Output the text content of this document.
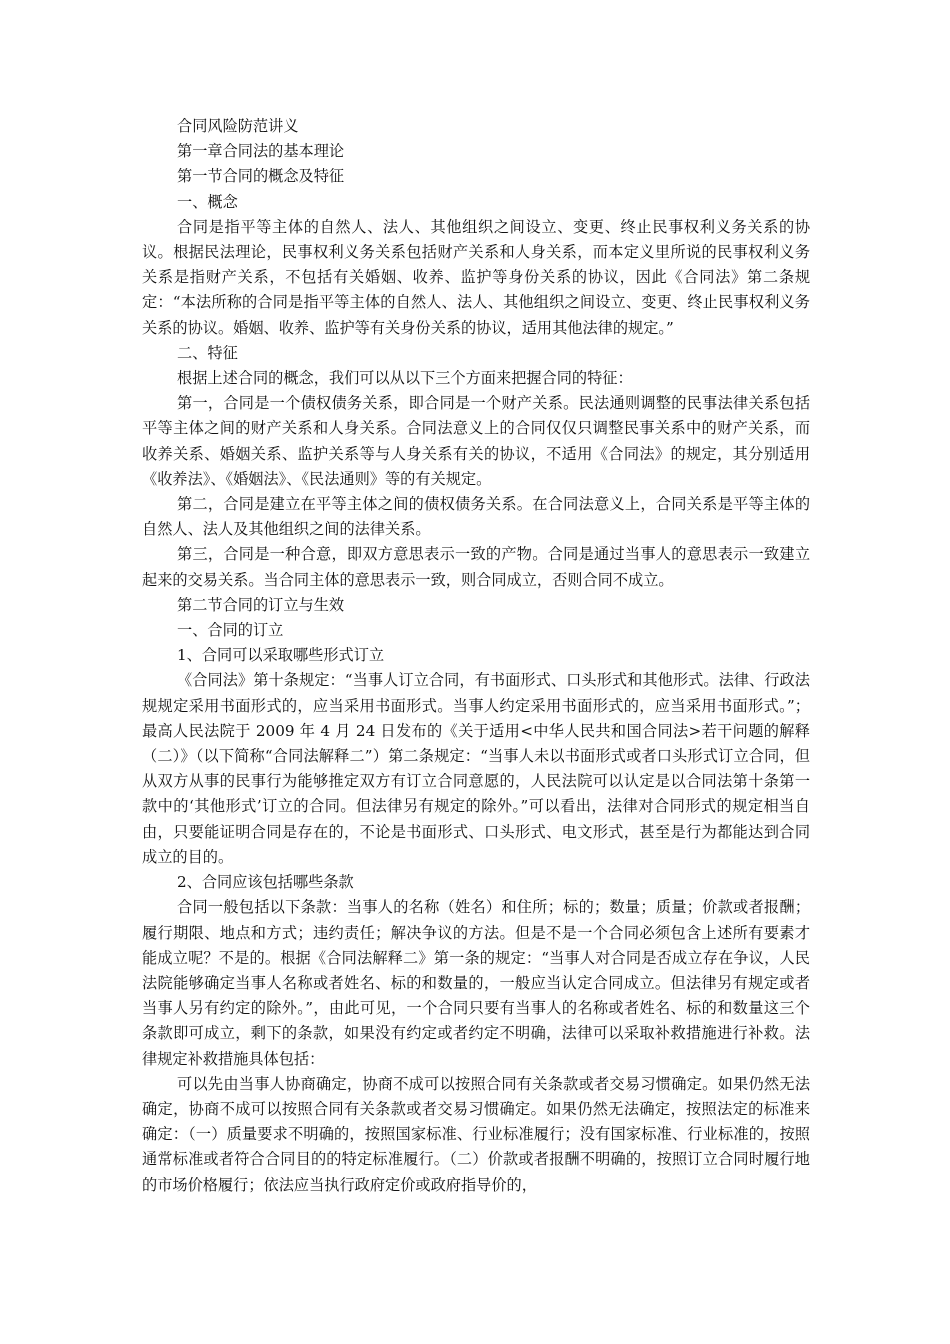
合同风险防范讲义

第一章合同法的基本理论

第一节合同的概念及特征

一、概念

合同是指平等主体的自然人、法人、其他组织之间设立、变更、终止民事权利义务关系的协议。根据民法理论，民事权利义务关系包括财产关系和人身关系，而本定义里所说的民事权利义务关系是指财产关系，不包括有关婚姻、收养、监护等身份关系的协议，因此《合同法》第二条规定：“本法所称的合同是指平等主体的自然人、法人、其他组织之间设立、变更、终止民事权利义务关系的协议。婚姻、收养、监护等有关身份关系的协议，适用其他法律的规定。”

二、特征

根据上述合同的概念，我们可以从以下三个方面来把握合同的特征：

第一，合同是一个债权债务关系，即合同是一个财产关系。民法通则调整的民事法律关系包括平等主体之间的财产关系和人身关系。合同法意义上的合同仅仅只调整民事关系中的财产关系，而收养关系、婚姻关系、监护关系等与人身关系有关的协议，不适用《合同法》的规定，其分别适用《收养法》、《婚姻法》、《民法通则》等的有关规定。

第二，合同是建立在平等主体之间的债权债务关系。在合同法意义上，合同关系是平等主体的自然人、法人及其他组织之间的法律关系。

第三，合同是一种合意，即双方意思表示一致的产物。合同是通过当事人的意思表示一致建立起来的交易关系。当合同主体的意思表示一致，则合同成立，否则合同不成立。

第二节合同的订立与生效

一、合同的订立

1、合同可以采取哪些形式订立

《合同法》第十条规定：“当事人订立合同，有书面形式、口头形式和其他形式。法律、行政法规规定采用书面形式的，应当采用书面形式。当事人约定采用书面形式的，应当采用书面形式。”；最高人民法院于 2009 年 4 月 24 日发布的《关于适用<中华人民共和国合同法>若干问题的解释（二）》（以下简称“合同法解释二”）第二条规定：“当事人未以书面形式或者口头形式订立合同，但从双方从事的民事行为能够推定双方有订立合同意愿的，人民法院可以认定是以合同法第十条第一款中的‘其他形式’订立的合同。但法律另有规定的除外。”可以看出，法律对合同形式的规定相当自由，只要能证明合同是存在的，不论是书面形式、口头形式、电文形式，甚至是行为都能达到合同成立的目的。

2、合同应该包括哪些条款

合同一般包括以下条款：当事人的名称（姓名）和住所；标的；数量；质量；价款或者报酬；履行期限、地点和方式；违约责任；解决争议的方法。但是不是一个合同必须包含上述所有要素才能成立呢？不是的。根据《合同法解释二》第一条的规定：“当事人对合同是否成立存在争议，人民法院能够确定当事人名称或者姓名、标的和数量的，一般应当认定合同成立。但法律另有规定或者当事人另有约定的除外。”，由此可见，一个合同只要有当事人的名称或者姓名、标的和数量这三个条款即可成立，剩下的条款，如果没有约定或者约定不明确，法律可以采取补救措施进行补救。法律规定补救措施具体包括：

可以先由当事人协商确定，协商不成可以按照合同有关条款或者交易习惯确定。如果仍然无法确定，协商不成可以按照合同有关条款或者交易习惯确定。如果仍然无法确定，按照法定的标准来确定：（一）质量要求不明确的，按照国家标准、行业标准履行；没有国家标准、行业标准的，按照通常标准或者符合合同目的的特定标准履行。（二）价款或者报酬不明确的，按照订立合同时履行地的市场价格履行；依法应当执行政府定价或政府指导价的，
